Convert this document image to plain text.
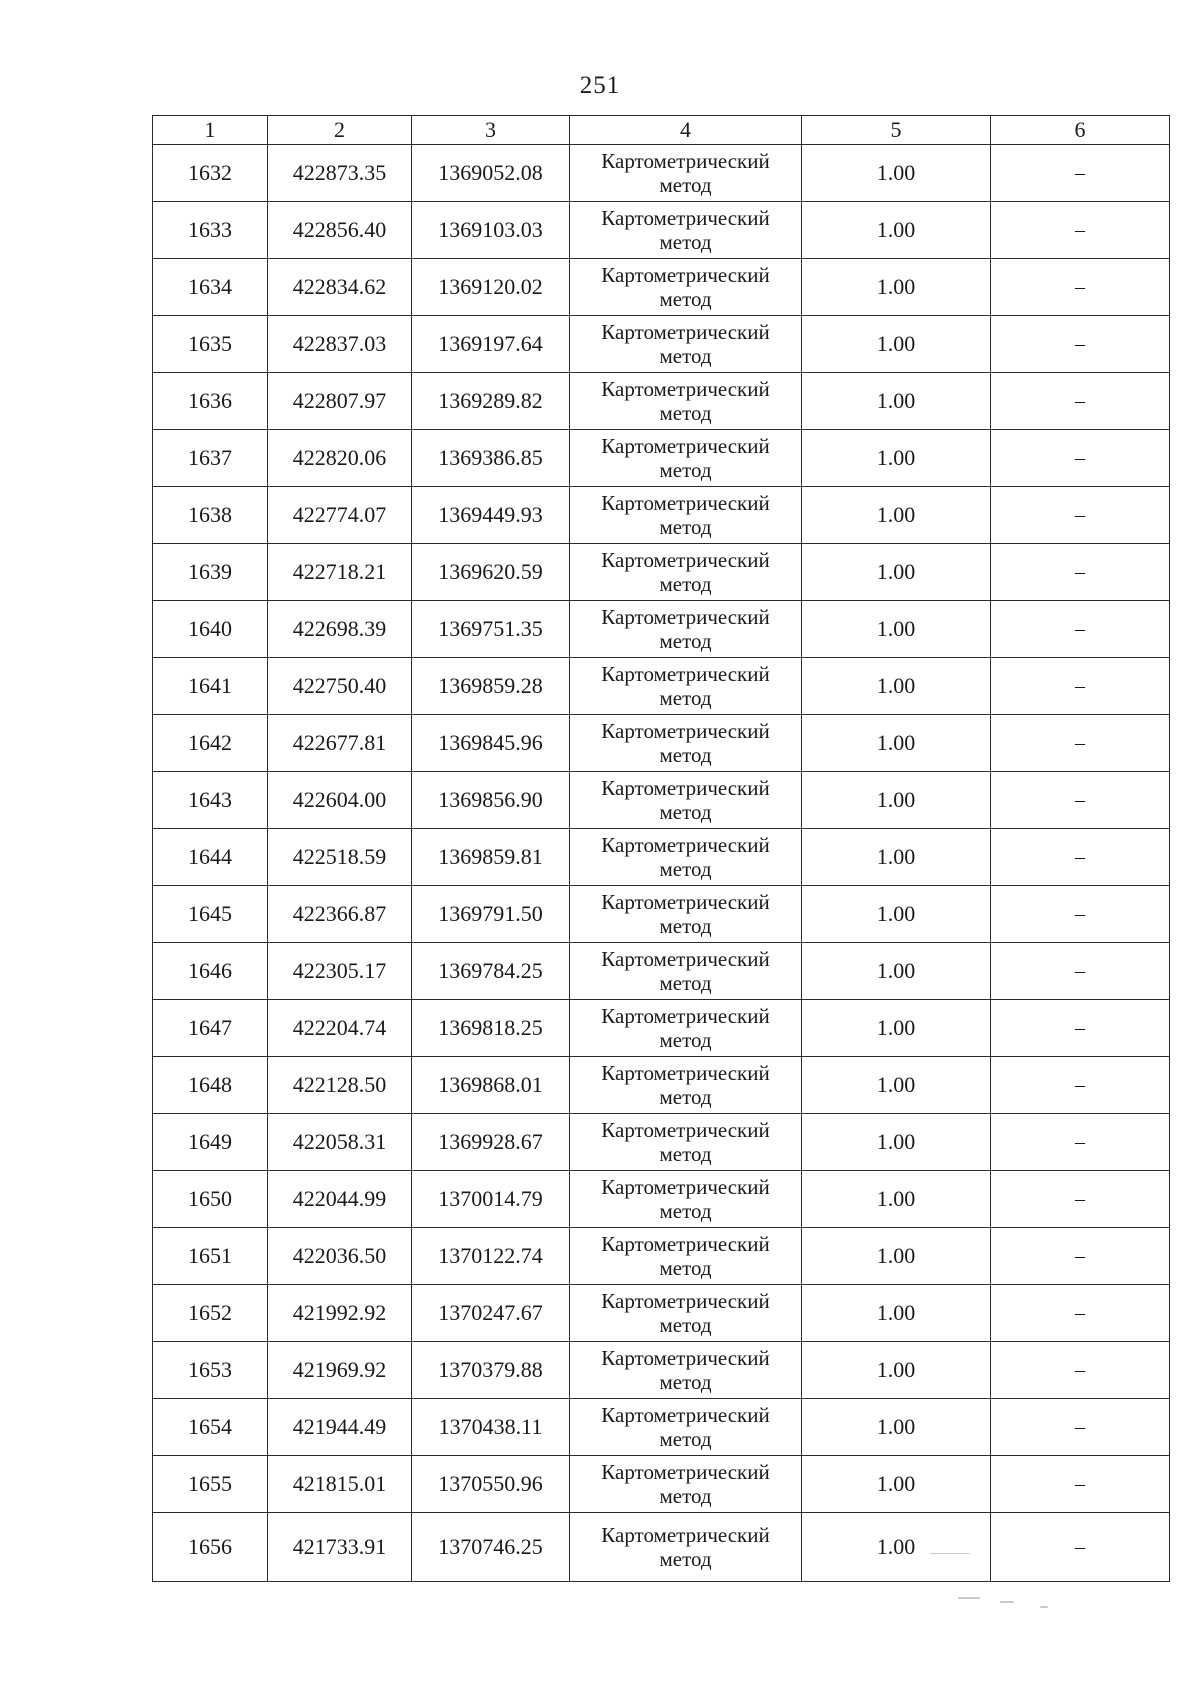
251
1	2	3	4	5	6
1632	422873.35	1369052.08	Картометрический
метод	1.00	–
1633	422856.40	1369103.03	Картометрический
метод	1.00	–
1634	422834.62	1369120.02	Картометрический
метод	1.00	–
1635	422837.03	1369197.64	Картометрический
метод	1.00	–
1636	422807.97	1369289.82	Картометрический
метод	1.00	–
1637	422820.06	1369386.85	Картометрический
метод	1.00	–
1638	422774.07	1369449.93	Картометрический
метод	1.00	–
1639	422718.21	1369620.59	Картометрический
метод	1.00	–
1640	422698.39	1369751.35	Картометрический
метод	1.00	–
1641	422750.40	1369859.28	Картометрический
метод	1.00	–
1642	422677.81	1369845.96	Картометрический
метод	1.00	–
1643	422604.00	1369856.90	Картометрический
метод	1.00	–
1644	422518.59	1369859.81	Картометрический
метод	1.00	–
1645	422366.87	1369791.50	Картометрический
метод	1.00	–
1646	422305.17	1369784.25	Картометрический
метод	1.00	–
1647	422204.74	1369818.25	Картометрический
метод	1.00	–
1648	422128.50	1369868.01	Картометрический
метод	1.00	–
1649	422058.31	1369928.67	Картометрический
метод	1.00	–
1650	422044.99	1370014.79	Картометрический
метод	1.00	–
1651	422036.50	1370122.74	Картометрический
метод	1.00	–
1652	421992.92	1370247.67	Картометрический
метод	1.00	–
1653	421969.92	1370379.88	Картометрический
метод	1.00	–
1654	421944.49	1370438.11	Картометрический
метод	1.00	–
1655	421815.01	1370550.96	Картометрический
метод	1.00	–
1656	421733.91	1370746.25	Картометрический
метод	1.00	–
